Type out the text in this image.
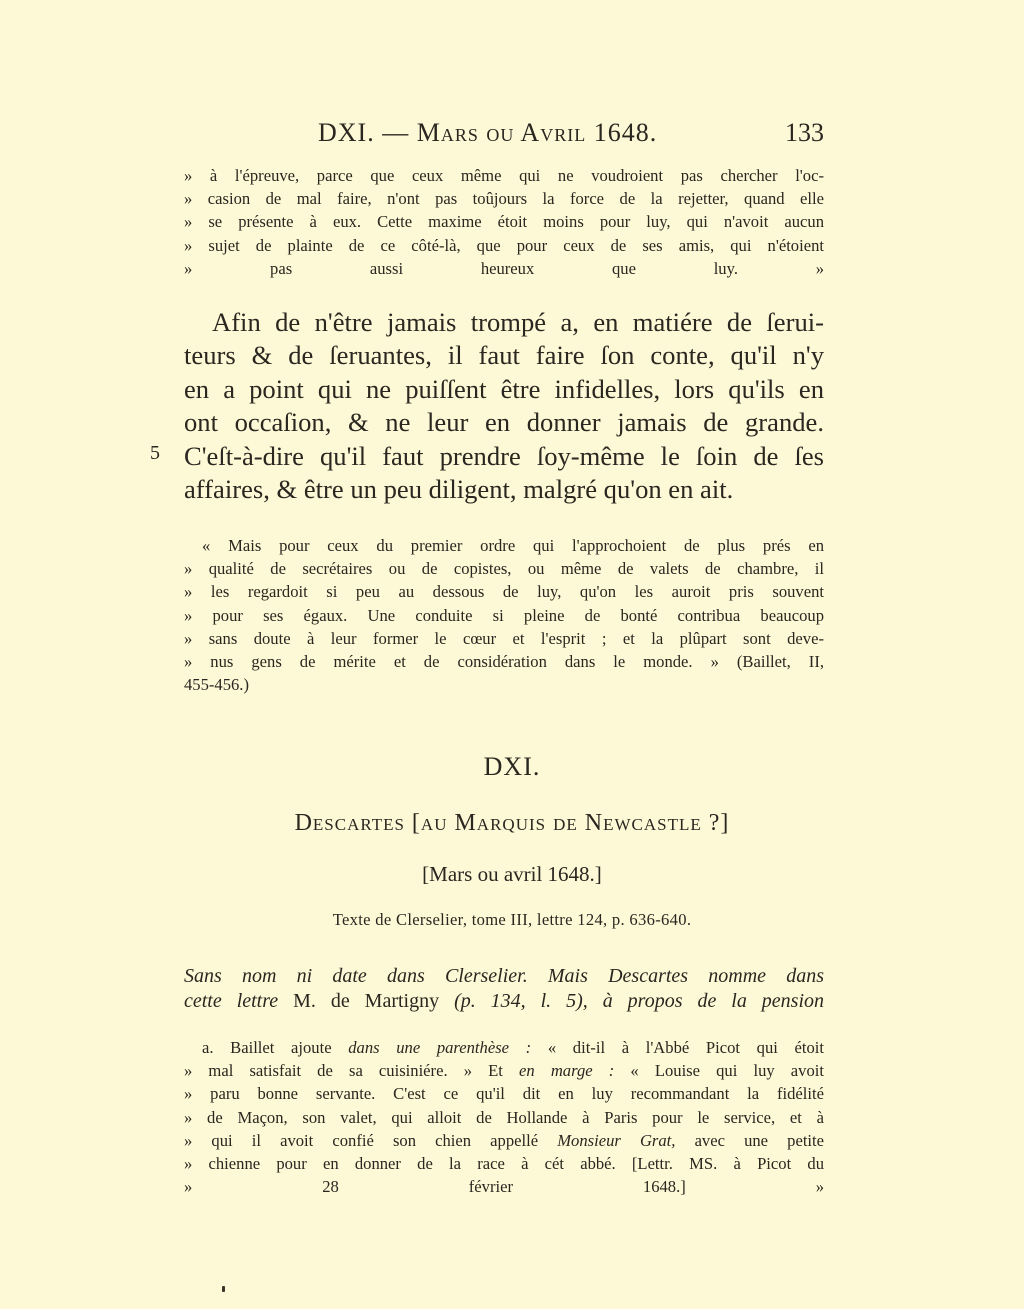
DXI. — Mars ou Avril 1648.	133
» à l'épreuve, parce que ceux même qui ne voudroient pas chercher l'oc-
» casion de mal faire, n'ont pas toûjours la force de la rejetter, quand elle
» se présente à eux. Cette maxime étoit moins pour luy, qui n'avoit aucun
» sujet de plainte de ce côté-là, que pour ceux de ses amis, qui n'étoient
» pas aussi heureux que luy. »
Afin de n'être jamais trompé a, en matiére de ſerui-
teurs & de ſeruantes, il faut faire ſon conte, qu'il n'y
en a point qui ne puiſſent être infidelles, lors qu'ils en
ont occaſion, & ne leur en donner jamais de grande.
C'eſt-à-dire qu'il faut prendre ſoy-même le ſoin de ſes
affaires, & être un peu diligent, malgré qu'on en ait.
5
« Mais pour ceux du premier ordre qui l'approchoient de plus prés en
» qualité de secrétaires ou de copistes, ou même de valets de chambre, il
» les regardoit si peu au dessous de luy, qu'on les auroit pris souvent
» pour ses égaux. Une conduite si pleine de bonté contribua beaucoup
» sans doute à leur former le cœur et l'esprit ; et la plûpart sont deve-
» nus gens de mérite et de considération dans le monde. » (Baillet, II,
455-456.)
DXI.
Descartes [au Marquis de Newcastle ?]
[Mars ou avril 1648.]
Texte de Clerselier, tome III, lettre 124, p. 636-640.
Sans nom ni date dans Clerselier. Mais Descartes nomme dans
cette lettre M. de Martigny (p. 134, l. 5), à propos de la pension
a. Baillet ajoute dans une parenthèse : « dit-il à l'Abbé Picot qui étoit
» mal satisfait de sa cuisiniére. » Et en marge : « Louise qui luy avoit
» paru bonne servante. C'est ce qu'il dit en luy recommandant la fidélité
» de Maçon, son valet, qui alloit de Hollande à Paris pour le service, et à
» qui il avoit confié son chien appellé Monsieur Grat, avec une petite
» chienne pour en donner de la race à cét abbé. [Lettr. MS. à Picot du
» 28 février 1648.] »
